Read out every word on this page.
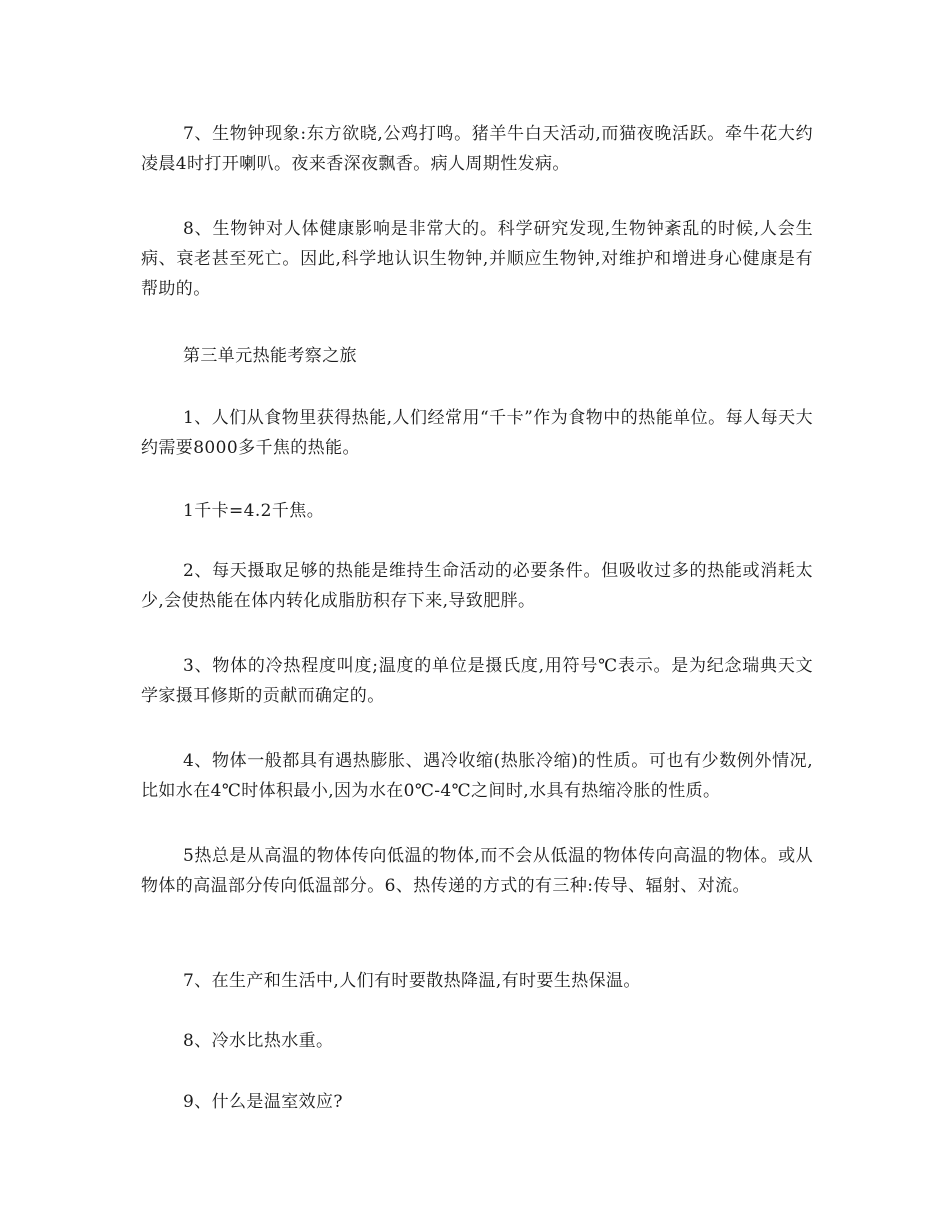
7、生物钟现象:东方欲晓,公鸡打鸣。猪羊牛白天活动,而猫夜晚活跃。牵牛花大约凌晨4时打开喇叭。夜来香深夜飘香。病人周期性发病。

8、生物钟对人体健康影响是非常大的。科学研究发现,生物钟紊乱的时候,人会生病、衰老甚至死亡。因此,科学地认识生物钟,并顺应生物钟,对维护和增进身心健康是有帮助的。

第三单元热能考察之旅

1、人们从食物里获得热能,人们经常用“千卡”作为食物中的热能单位。每人每天大约需要8000多千焦的热能。

1千卡=4.2千焦。

2、每天摄取足够的热能是维持生命活动的必要条件。但吸收过多的热能或消耗太少,会使热能在体内转化成脂肪积存下来,导致肥胖。

3、物体的冷热程度叫度;温度的单位是摄氏度,用符号℃表示。是为纪念瑞典天文学家摄耳修斯的贡献而确定的。

4、物体一般都具有遇热膨胀、遇冷收缩(热胀冷缩)的性质。可也有少数例外情况,比如水在4℃时体积最小,因为水在0℃-4℃之间时,水具有热缩冷胀的性质。

5热总是从高温的物体传向低温的物体,而不会从低温的物体传向高温的物体。或从物体的高温部分传向低温部分。6、热传递的方式的有三种:传导、辐射、对流。

7、在生产和生活中,人们有时要散热降温,有时要生热保温。

8、冷水比热水重。

9、什么是温室效应?
